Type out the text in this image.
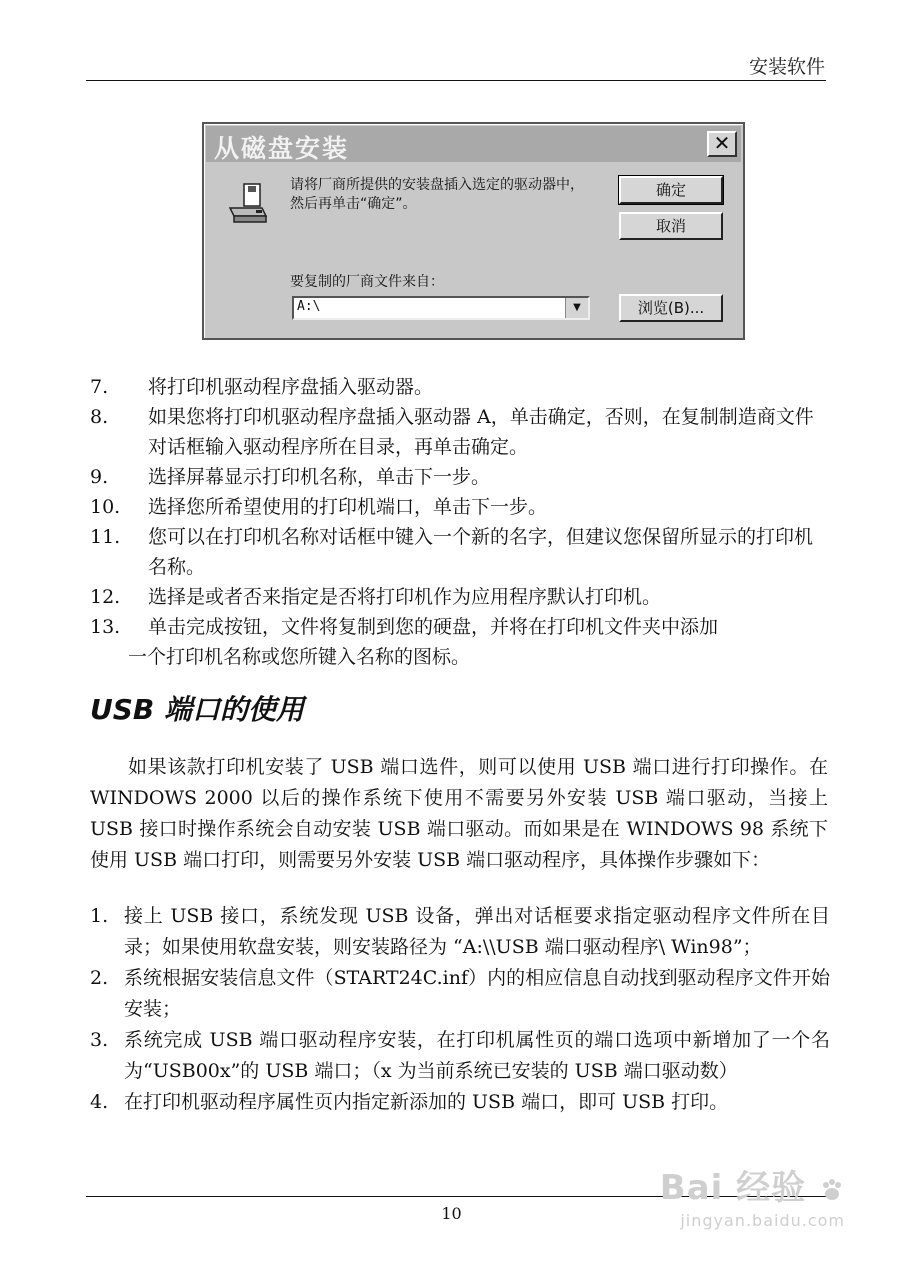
安装软件
从磁盘安装	✕
请将厂商所提供的安装盘插入选定的驱动器中，然后再单击“确定”。
确定
取消
要复制的厂商文件来自：
A:\	▼	浏览(B)...
7. 将打印机驱动程序盘插入驱动器。
8. 如果您将打印机驱动程序盘插入驱动器 A，单击确定，否则，在复制制造商文件对话框输入驱动程序所在目录，再单击确定。
9. 选择屏幕显示打印机名称，单击下一步。
10. 选择您所希望使用的打印机端口，单击下一步。
11. 您可以在打印机名称对话框中键入一个新的名字，但建议您保留所显示的打印机名称。
12. 选择是或者否来指定是否将打印机作为应用程序默认打印机。
13. 单击完成按钮，文件将复制到您的硬盘，并将在打印机文件夹中添加
一个打印机名称或您所键入名称的图标。
USB 端口的使用
如果该款打印机安装了 USB 端口选件，则可以使用 USB 端口进行打印操作。在 WINDOWS 2000 以后的操作系统下使用不需要另外安装 USB 端口驱动，当接上 USB 接口时操作系统会自动安装 USB 端口驱动。而如果是在 WINDOWS 98 系统下使用 USB 端口打印，则需要另外安装 USB 端口驱动程序，具体操作步骤如下：
1. 接上 USB 接口，系统发现 USB 设备，弹出对话框要求指定驱动程序文件所在目录；如果使用软盘安装，则安装路径为 “A:\\USB 端口驱动程序\ Win98”；
2. 系统根据安装信息文件（START24C.inf）内的相应信息自动找到驱动程序文件开始安装；
3. 系统完成 USB 端口驱动程序安装，在打印机属性页的端口选项中新增加了一个名为“USB00x”的 USB 端口；（x 为当前系统已安装的 USB 端口驱动数）
4. 在打印机驱动程序属性页内指定新添加的 USB 端口，即可 USB 打印。
10
Bai 经验
jingyan.baidu.com
